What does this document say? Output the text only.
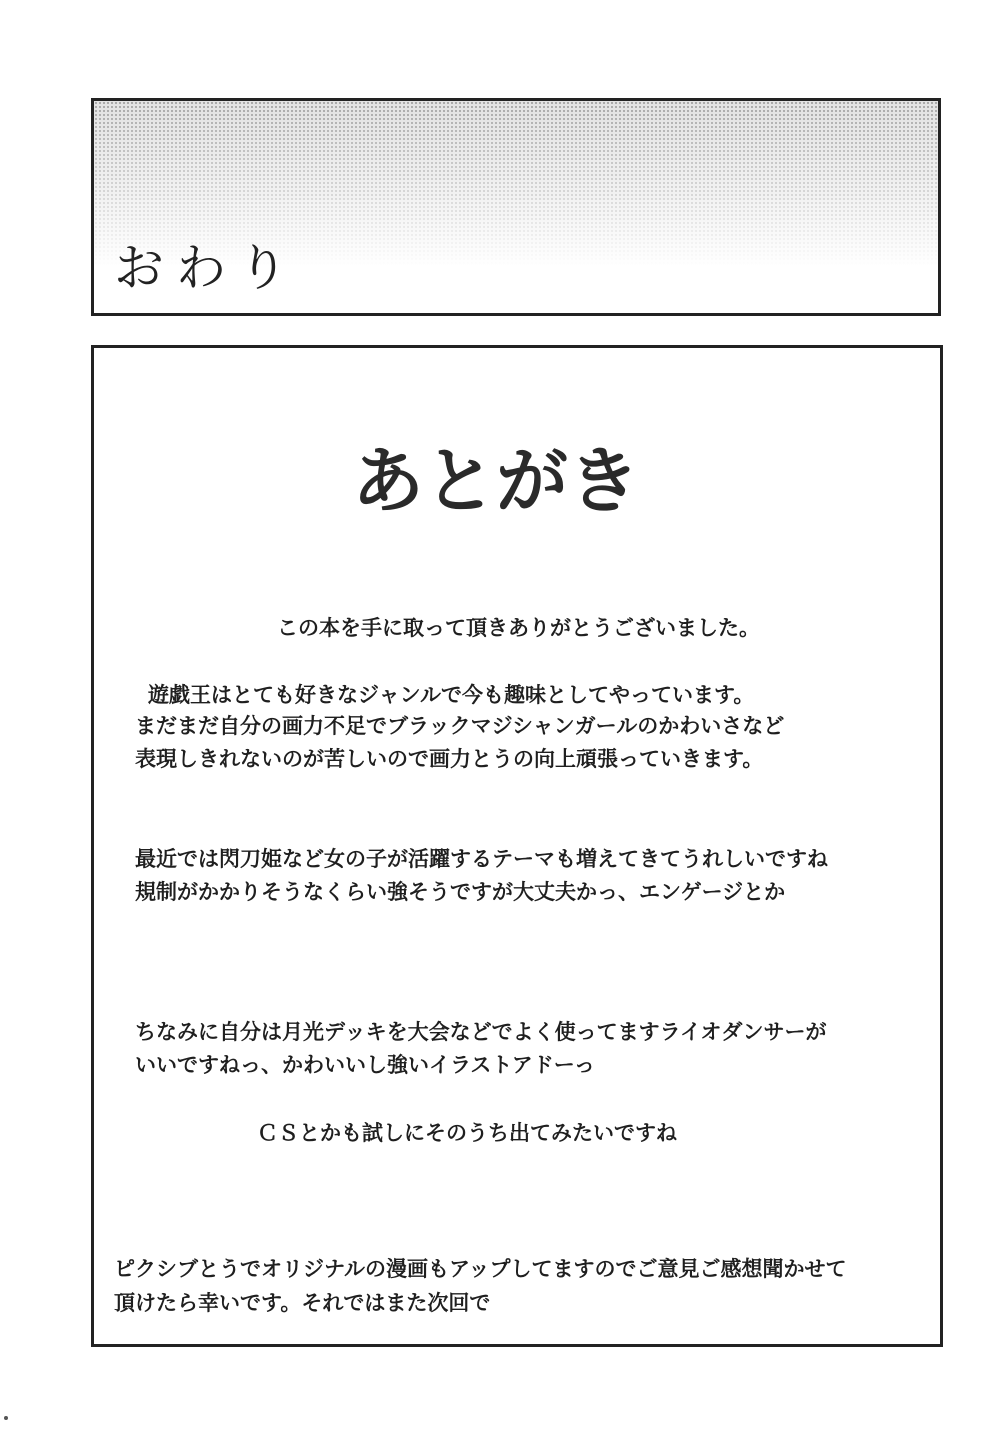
おわり
あとがき
この本を手に取って頂きありがとうございました。
遊戯王はとても好きなジャンルで今も趣味としてやっています。
まだまだ自分の画力不足でブラックマジシャンガールのかわいさなど
表現しきれないのが苦しいので画力とうの向上頑張っていきます。
最近では閃刀姫など女の子が活躍するテーマも増えてきてうれしいですね
規制がかかりそうなくらい強そうですが大丈夫かっ、エンゲージとか
ちなみに自分は月光デッキを大会などでよく使ってますライオダンサーが
いいですねっ、かわいいし強いイラストアドーっ
ＣＳとかも試しにそのうち出てみたいですね
ピクシブとうでオリジナルの漫画もアップしてますのでご意見ご感想聞かせて
頂けたら幸いです。それではまた次回で
